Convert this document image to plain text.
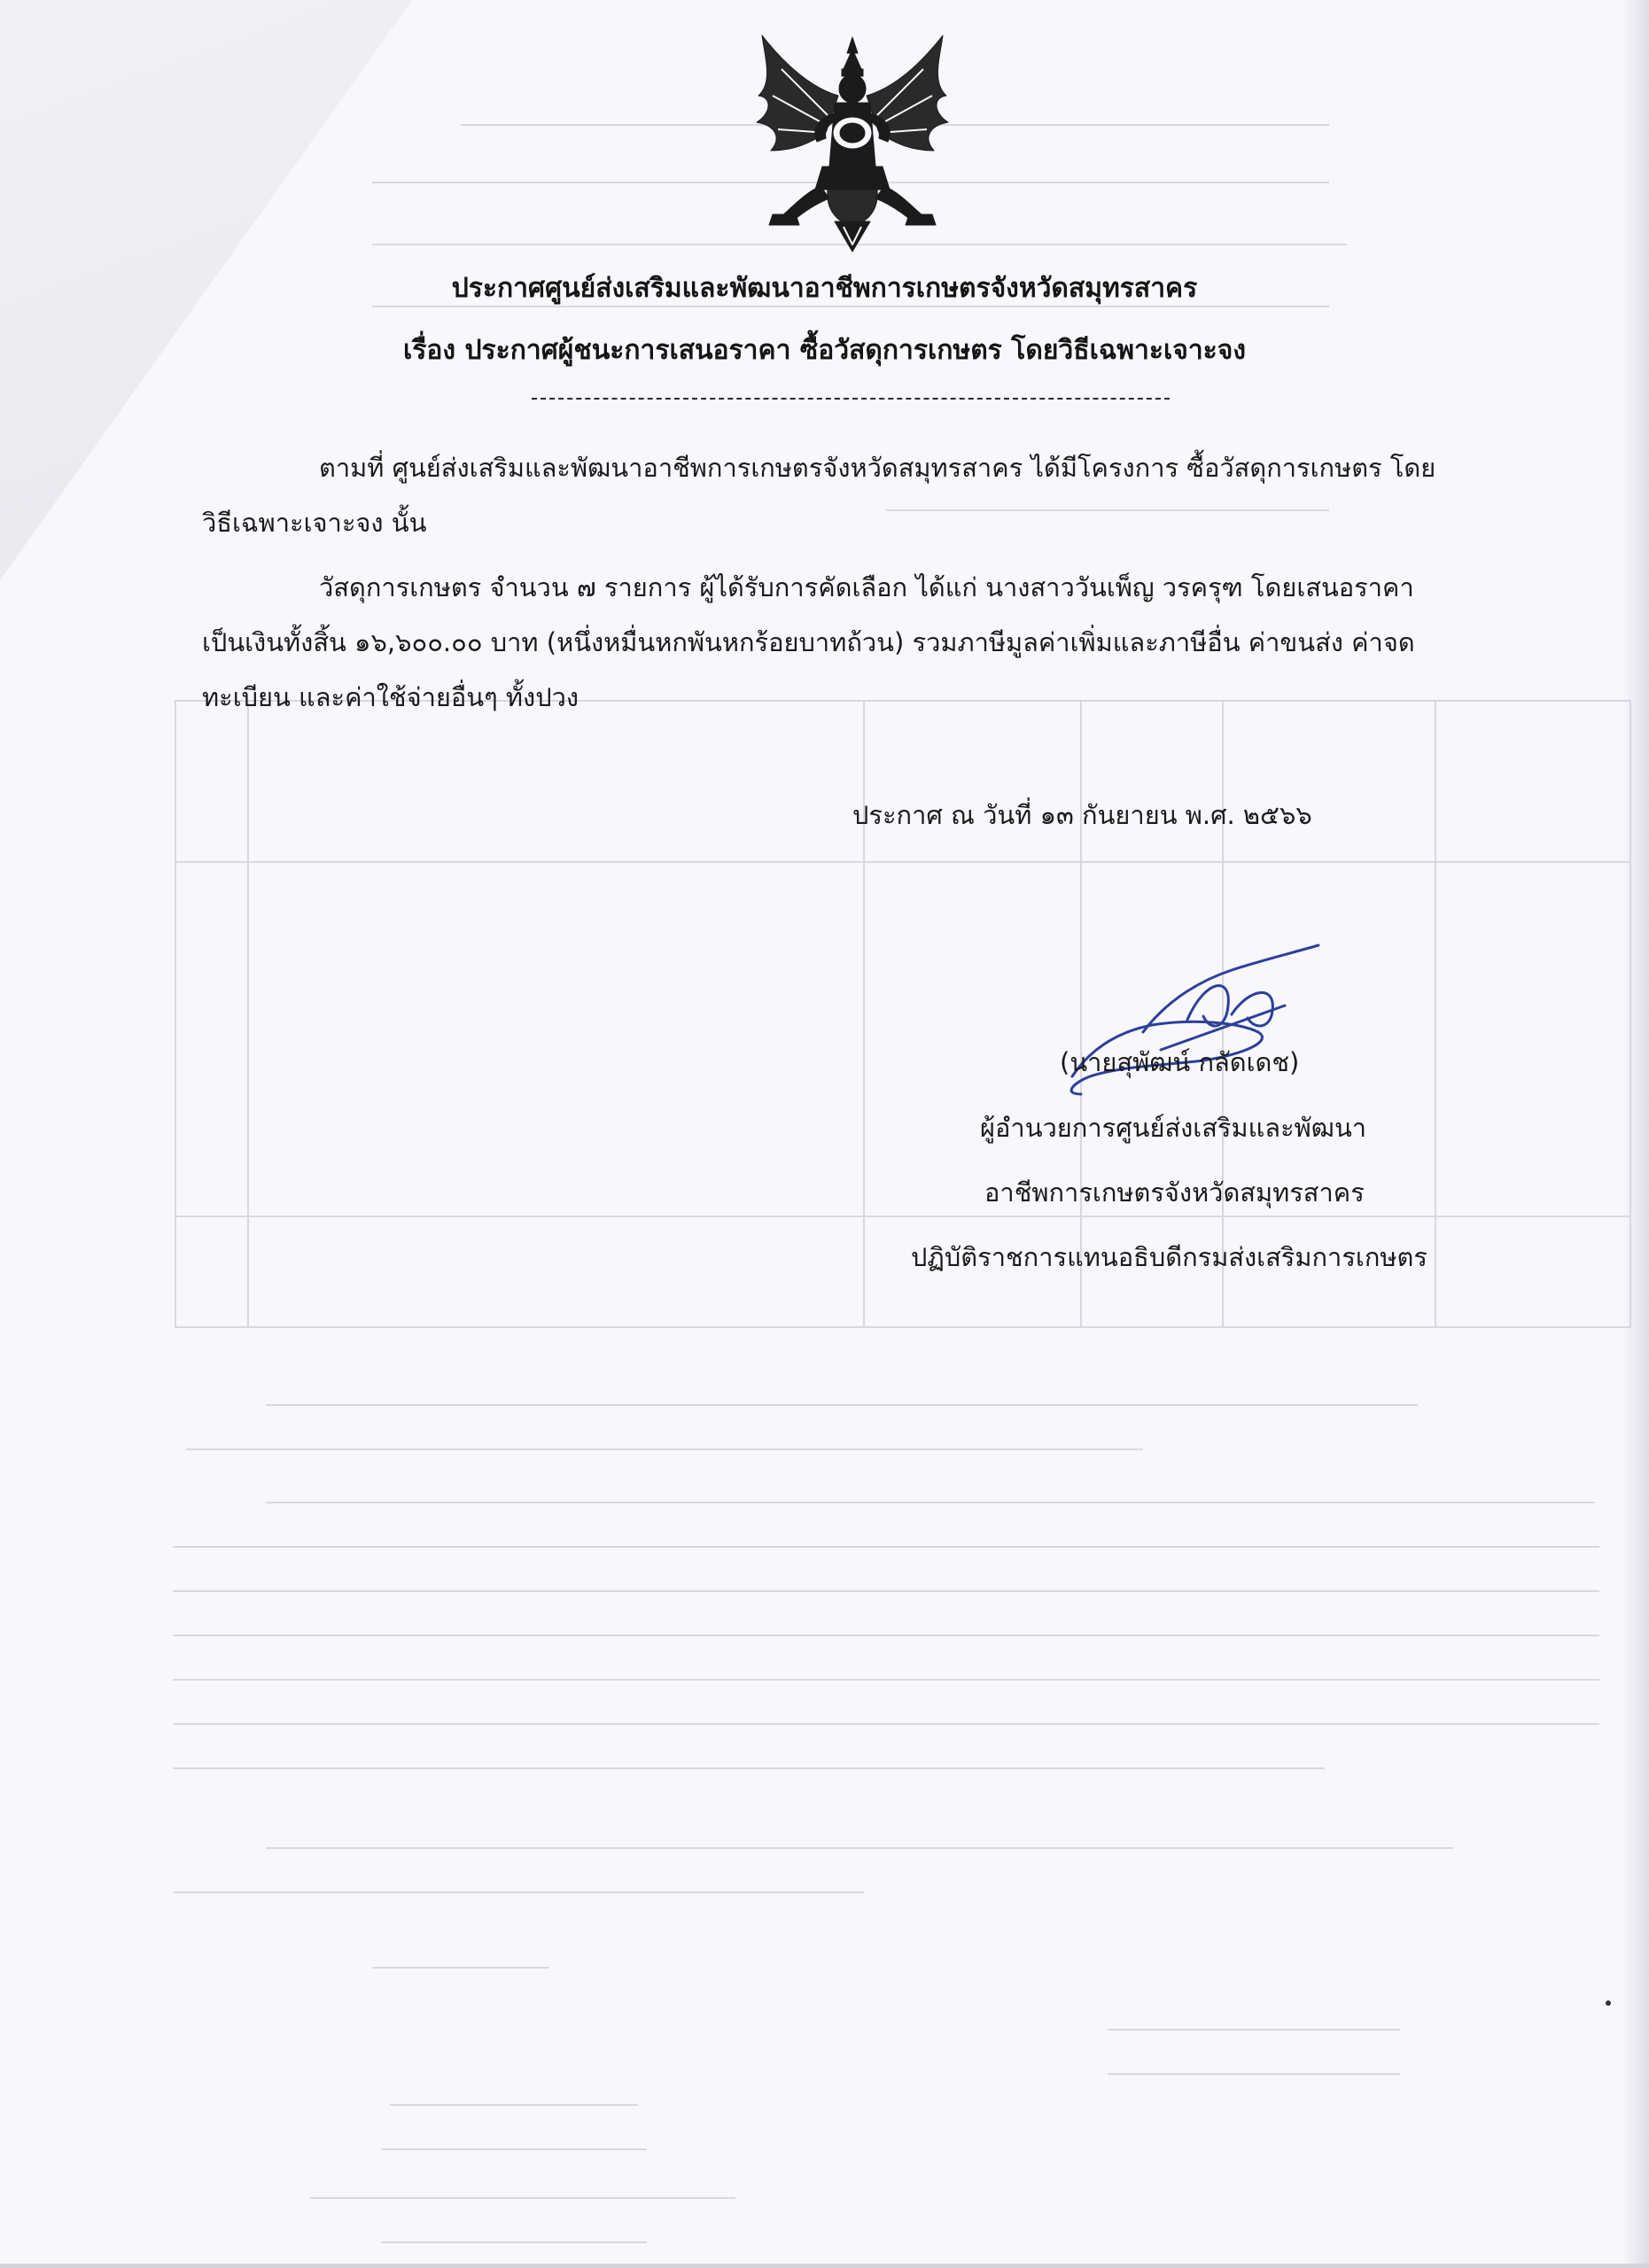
ประกาศศูนย์ส่งเสริมและพัฒนาอาชีพการเกษตรจังหวัดสมุทรสาคร
เรื่อง ประกาศผู้ชนะการเสนอราคา ซื้อวัสดุการเกษตร โดยวิธีเฉพาะเจาะจง
ตามที่ ศูนย์ส่งเสริมและพัฒนาอาชีพการเกษตรจังหวัดสมุทรสาคร ได้มีโครงการ ซื้อวัสดุการเกษตร โดย
วิธีเฉพาะเจาะจง นั้น
วัสดุการเกษตร จำนวน ๗ รายการ ผู้ได้รับการคัดเลือก ได้แก่ นางสาววันเพ็ญ วรครุฑ โดยเสนอราคา
เป็นเงินทั้งสิ้น ๑๖,๖๐๐.๐๐ บาท (หนึ่งหมื่นหกพันหกร้อยบาทถ้วน) รวมภาษีมูลค่าเพิ่มและภาษีอื่น ค่าขนส่ง ค่าจด
ทะเบียน และค่าใช้จ่ายอื่นๆ ทั้งปวง
ประกาศ ณ วันที่ ๑๓ กันยายน พ.ศ. ๒๕๖๖
(นายสุพัฒน์ กลัดเดช)
ผู้อำนวยการศูนย์ส่งเสริมและพัฒนา
อาชีพการเกษตรจังหวัดสมุทรสาคร
ปฏิบัติราชการแทนอธิบดีกรมส่งเสริมการเกษตร
